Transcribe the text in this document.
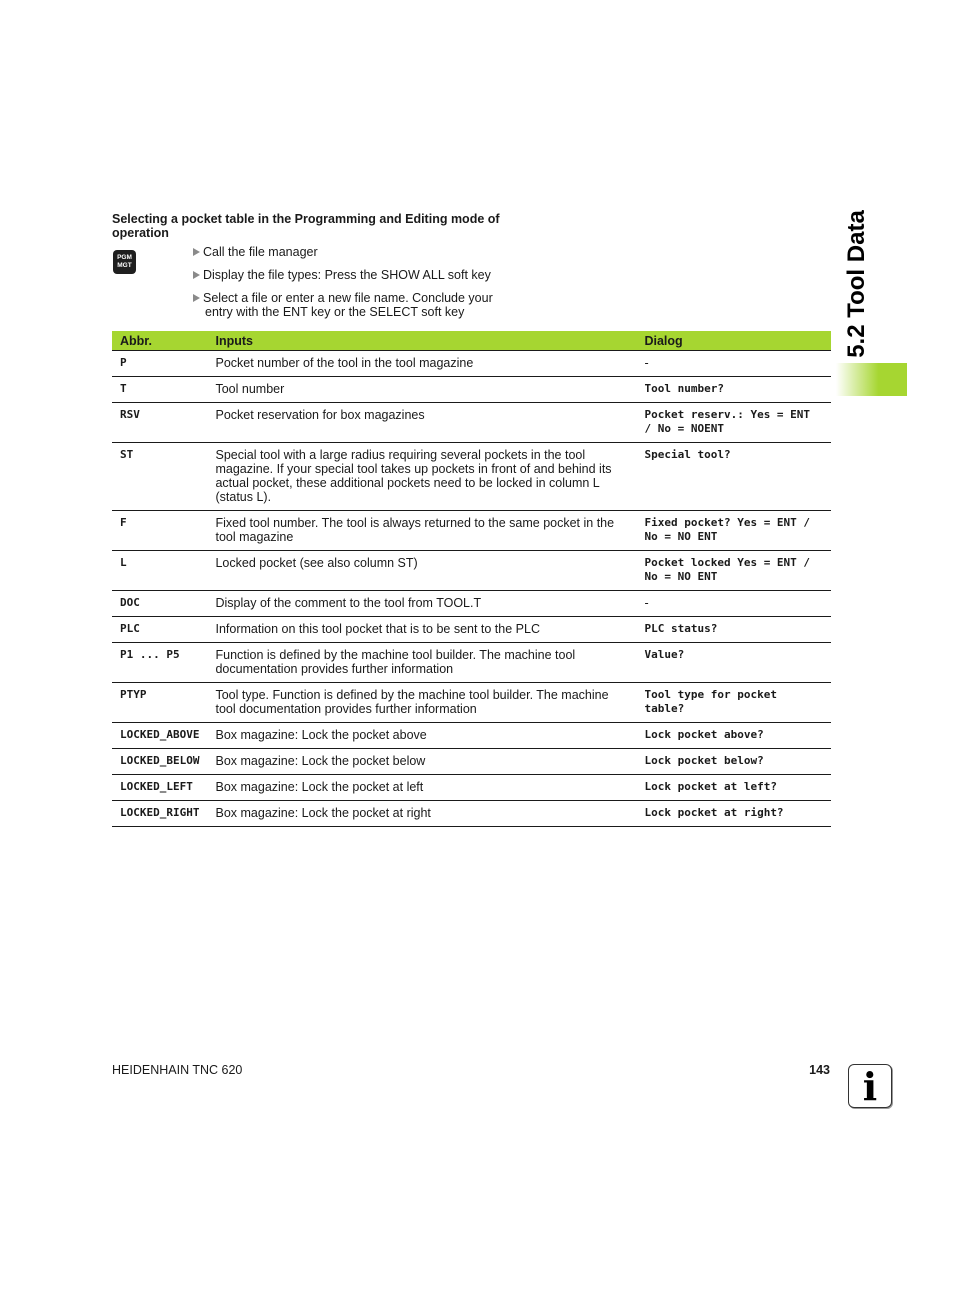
Selecting a pocket table in the Programming and Editing mode of operation
PGM
MGT
Call the file manager
Display the file types: Press the SHOW ALL soft key
Select a file or enter a new file name. Conclude your
entry with the ENT key or the SELECT soft key
Abbr.	Inputs	Dialog
P	Pocket number of the tool in the tool magazine	-
T	Tool number	Tool number?
RSV	Pocket reservation for box magazines	Pocket reserv.: Yes = ENT / No = NOENT
ST	Special tool with a large radius requiring several pockets in the tool magazine. If your special tool takes up pockets in front of and behind its actual pocket, these additional pockets need to be locked in column L (status L).	Special tool?
F	Fixed tool number. The tool is always returned to the same pocket in the tool magazine	Fixed pocket? Yes = ENT / No = NO ENT
L	Locked pocket (see also column ST)	Pocket locked Yes = ENT / No = NO ENT
DOC	Display of the comment to the tool from TOOL.T	-
PLC	Information on this tool pocket that is to be sent to the PLC	PLC status?
P1 ... P5	Function is defined by the machine tool builder. The machine tool documentation provides further information	Value?
PTYP	Tool type. Function is defined by the machine tool builder. The machine tool documentation provides further information	Tool type for pocket table?
LOCKED_ABOVE	Box magazine: Lock the pocket above	Lock pocket above?
LOCKED_BELOW	Box magazine: Lock the pocket below	Lock pocket below?
LOCKED_LEFT	Box magazine: Lock the pocket at left	Lock pocket at left?
LOCKED_RIGHT	Box magazine: Lock the pocket at right	Lock pocket at right?
5.2 Tool Data
HEIDENHAIN TNC 620	143 i
